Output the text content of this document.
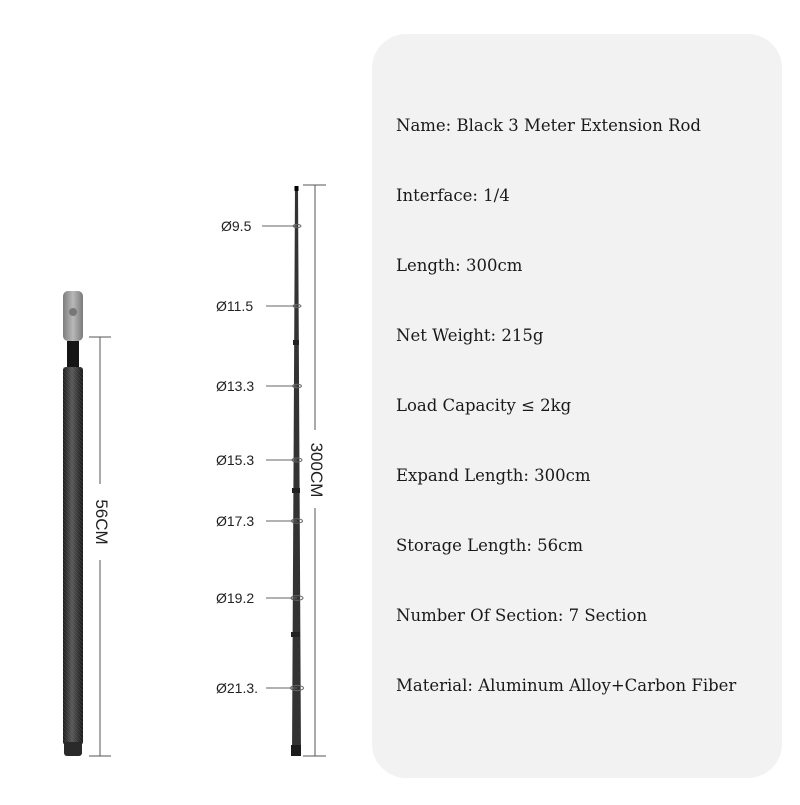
Ø9.5
Ø11.5
Ø13.3
Ø15.3
Ø17.3
Ø19.2
Ø21.3.
56CM
300CM
Name: Black 3 Meter Extension Rod
Interface: 1/4
Length: 300cm
Net Weight: 215g
Load Capacity ≤ 2kg
Expand Length: 300cm
Storage Length: 56cm
Number Of Section: 7 Section
Material: Aluminum Alloy+Carbon Fiber
